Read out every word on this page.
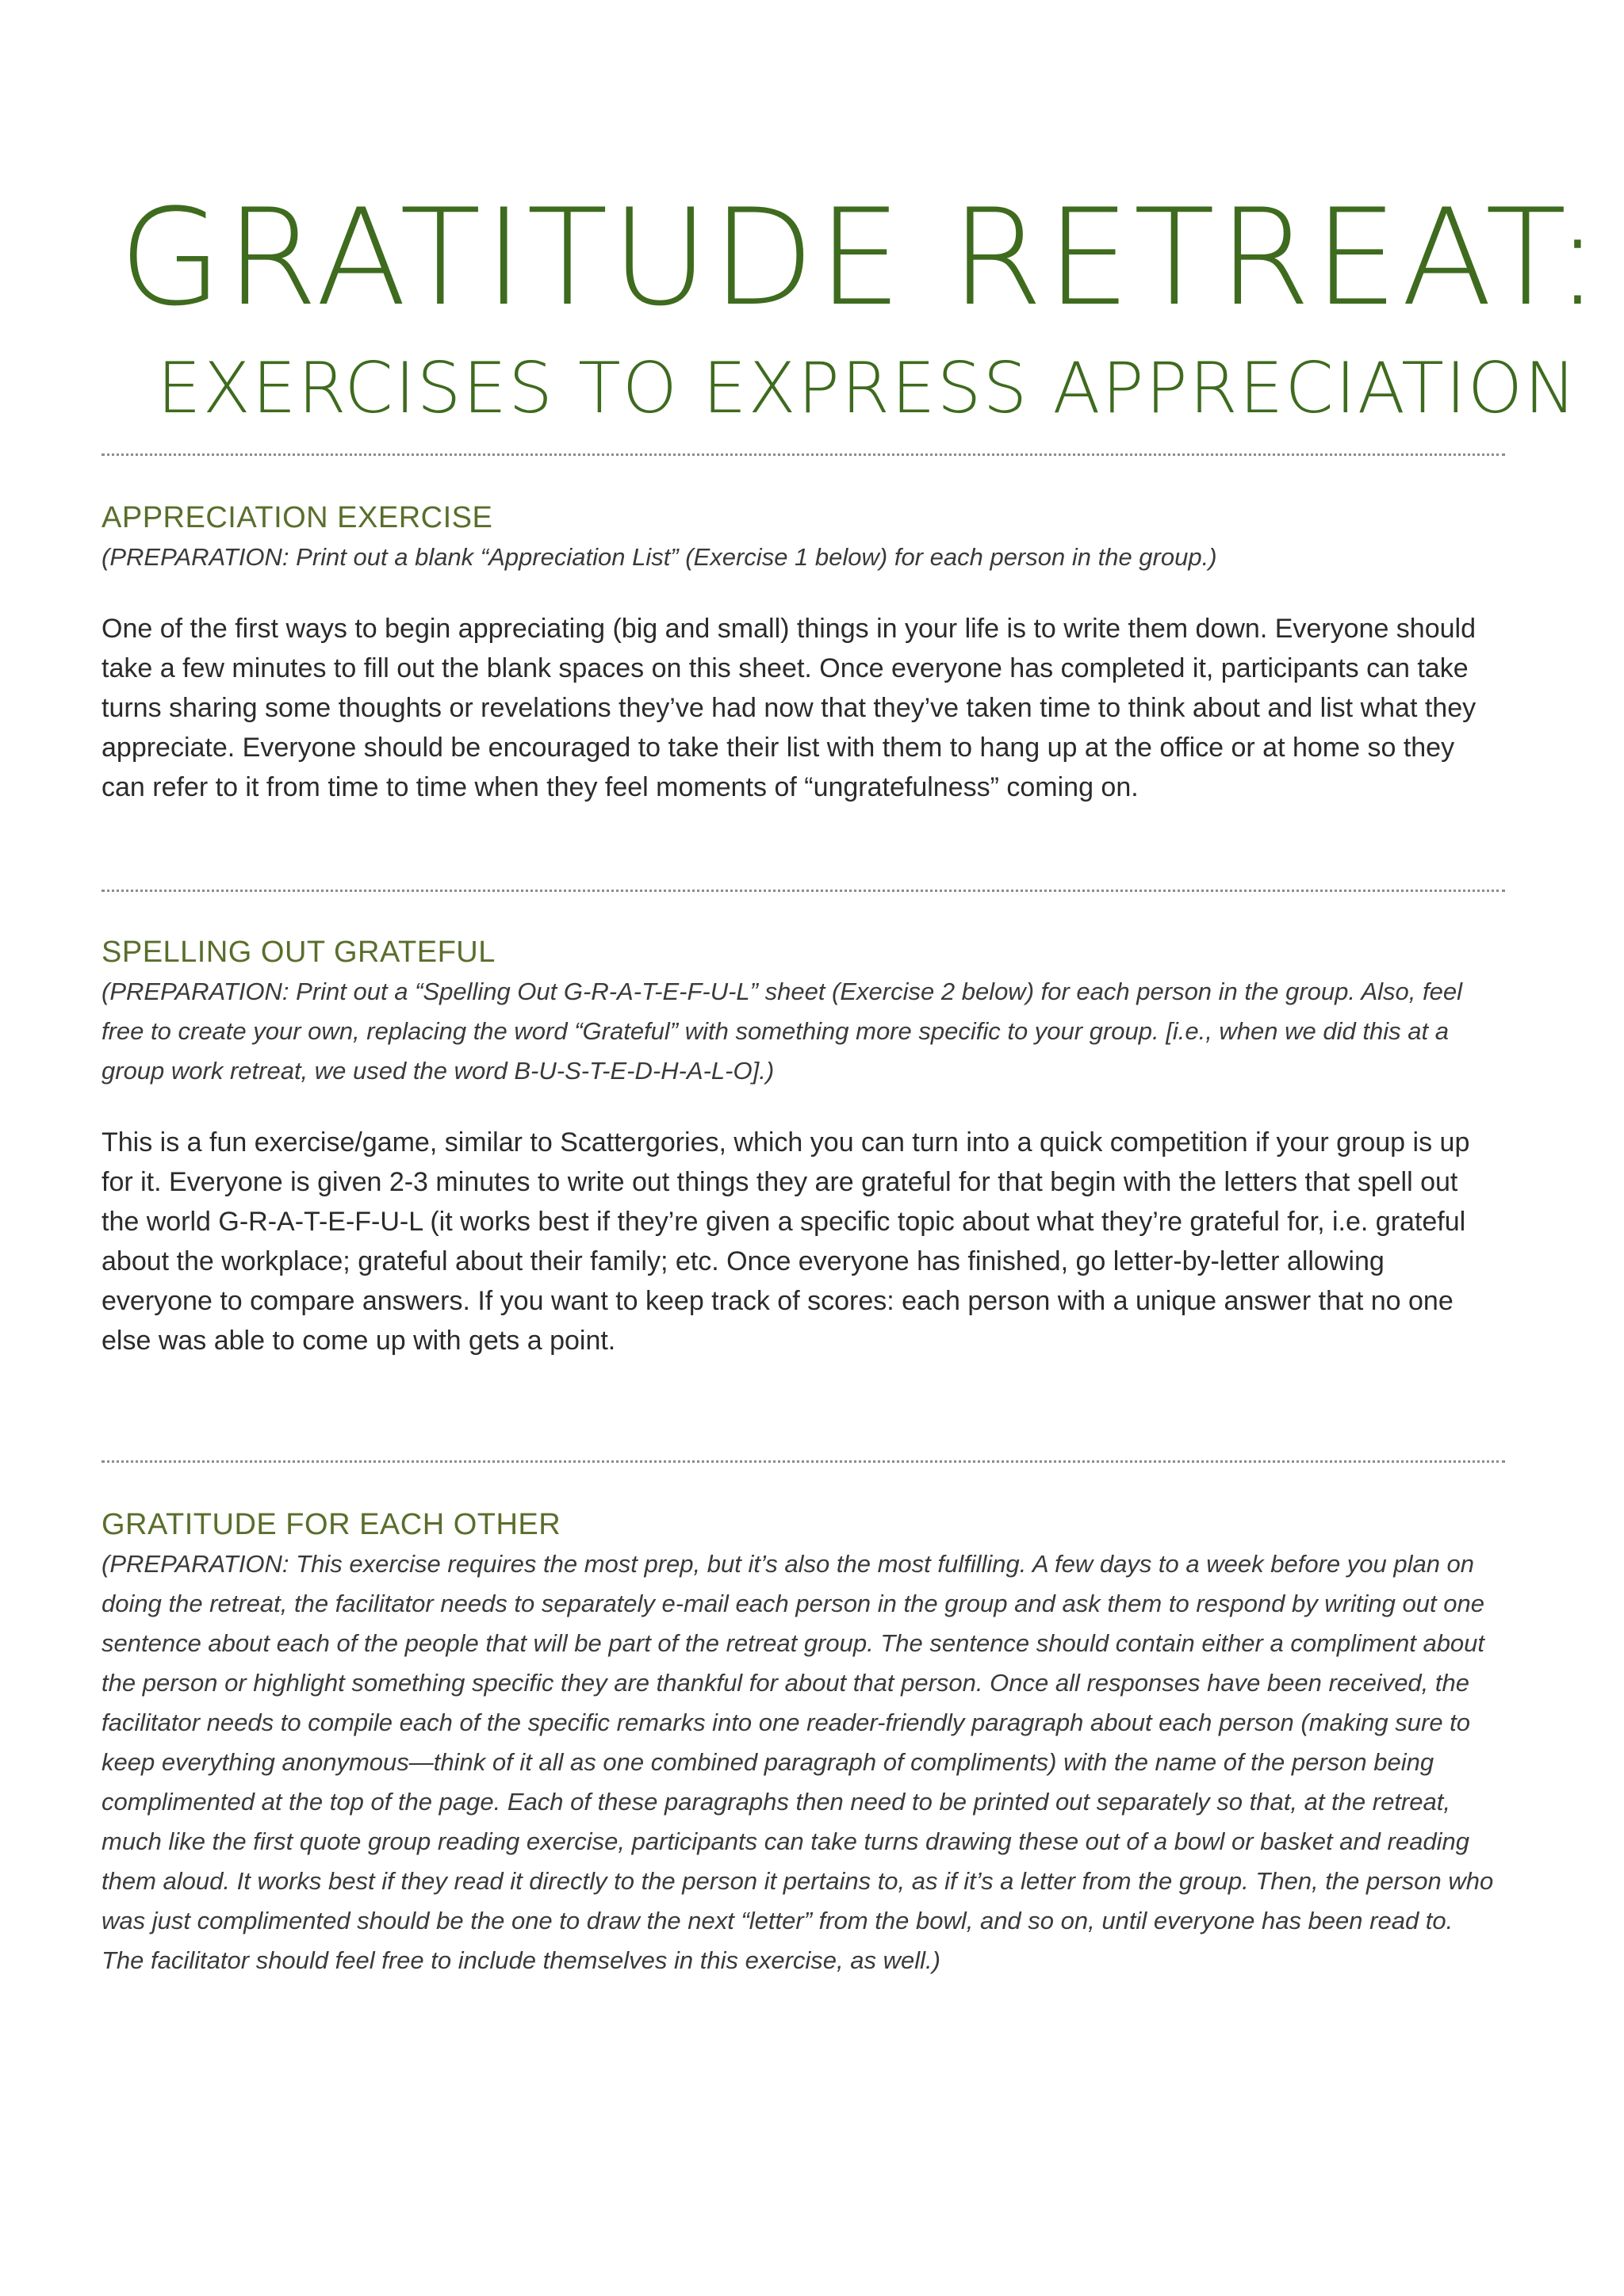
GRATITUDE RETREAT:
EXERCISES TO EXPRESS APPRECIATION

APPRECIATION EXERCISE

(PREPARATION: Print out a blank “Appreciation List” (Exercise 1 below) for each person in the group.)

One of the first ways to begin appreciating (big and small) things in your life is to write them down. Everyone should take a few minutes to fill out the blank spaces on this sheet. Once everyone has completed it, participants can take turns sharing some thoughts or revelations they’ve had now that they’ve taken time to think about and list what they appreciate. Everyone should be encouraged to take their list with them to hang up at the office or at home so they can refer to it from time to time when they feel moments of “ungratefulness” coming on.

SPELLING OUT GRATEFUL

(PREPARATION: Print out a “Spelling Out G-R-A-T-E-F-U-L” sheet (Exercise 2 below) for each person in the group. Also, feel free to create your own, replacing the word “Grateful” with something more specific to your group. [i.e., when we did this at a group work retreat, we used the word B-U-S-T-E-D-H-A-L-O].)

This is a fun exercise/game, similar to Scattergories, which you can turn into a quick competition if your group is up for it. Everyone is given 2-3 minutes to write out things they are grateful for that begin with the letters that spell out the world G-R-A-T-E-F-U-L (it works best if they’re given a specific topic about what they’re grateful for, i.e. grateful about the workplace; grateful about their family; etc. Once everyone has finished, go letter-by-letter allowing everyone to compare answers. If you want to keep track of scores: each person with a unique answer that no one else was able to come up with gets a point.

GRATITUDE FOR EACH OTHER

(PREPARATION: This exercise requires the most prep, but it’s also the most fulfilling. A few days to a week before you plan on doing the retreat, the facilitator needs to separately e-mail each person in the group and ask them to respond by writing out one sentence about each of the people that will be part of the retreat group. The sentence should contain either a compliment about the person or highlight something specific they are thankful for about that person. Once all responses have been received, the facilitator needs to compile each of the specific remarks into one reader-friendly paragraph about each person (making sure to keep everything anonymous—think of it all as one combined paragraph of compliments) with the name of the person being complimented at the top of the page. Each of these paragraphs then need to be printed out separately so that, at the retreat, much like the first quote group reading exercise, participants can take turns drawing these out of a bowl or basket and reading them aloud. It works best if they read it directly to the person it pertains to, as if it’s a letter from the group. Then, the person who was just complimented should be the one to draw the next “letter” from the bowl, and so on, until everyone has been read to. The facilitator should feel free to include themselves in this exercise, as well.)
